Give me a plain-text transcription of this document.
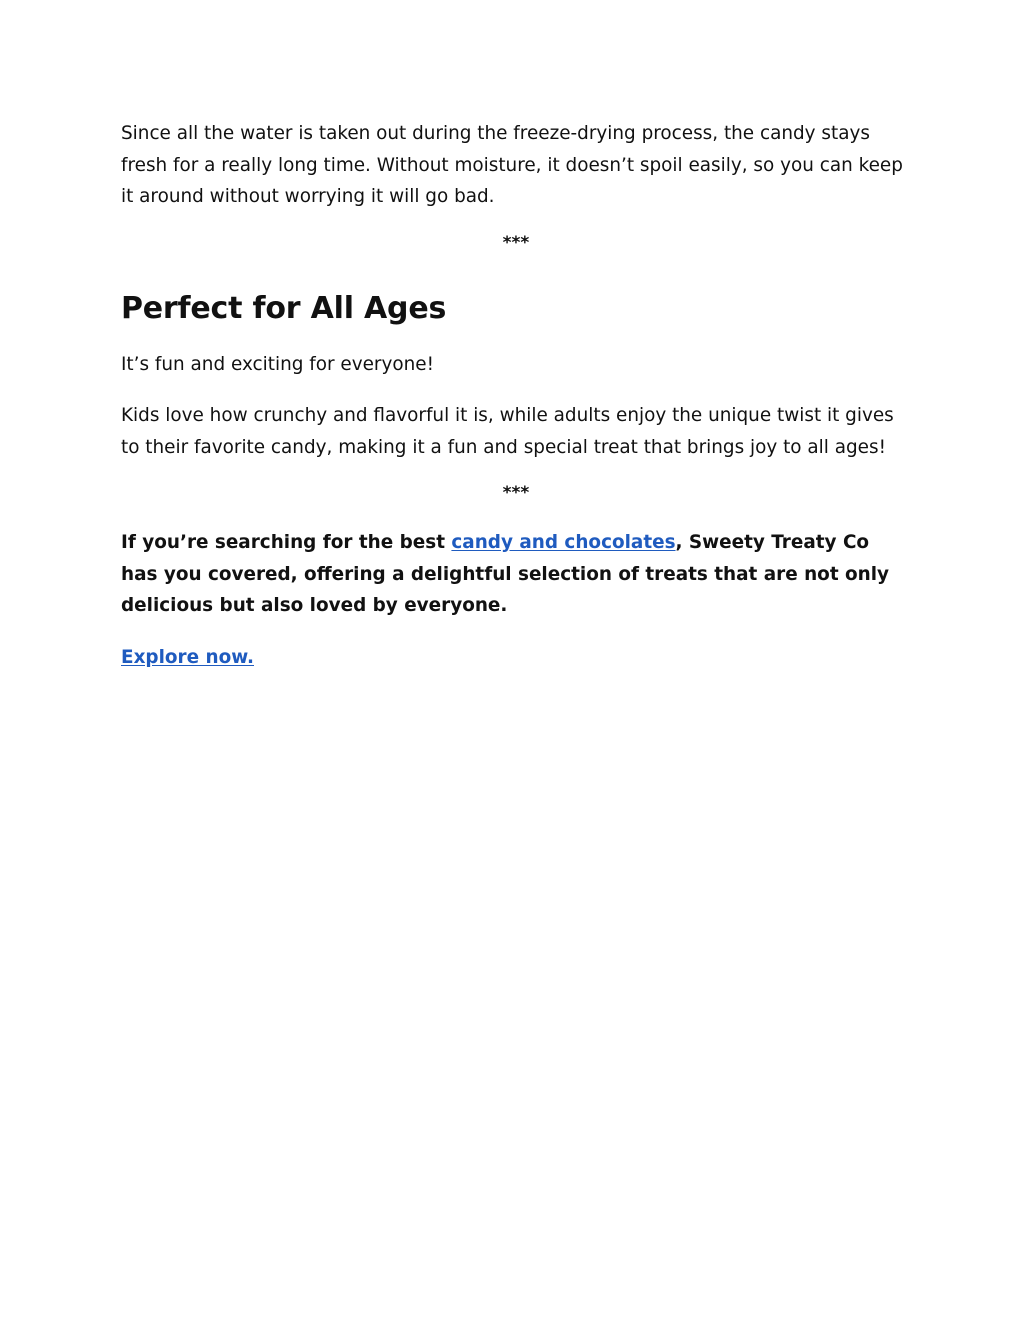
Since all the water is taken out during the freeze-drying process, the candy stays fresh for a really long time. Without moisture, it doesn’t spoil easily, so you can keep it around without worrying it will go bad.

***

Perfect for All Ages

It’s fun and exciting for everyone!

Kids love how crunchy and flavorful it is, while adults enjoy the unique twist it gives to their favorite candy, making it a fun and special treat that brings joy to all ages!

***

If you’re searching for the best candy and chocolates, Sweety Treaty Co has you covered, offering a delightful selection of treats that are not only delicious but also loved by everyone.

Explore now.
